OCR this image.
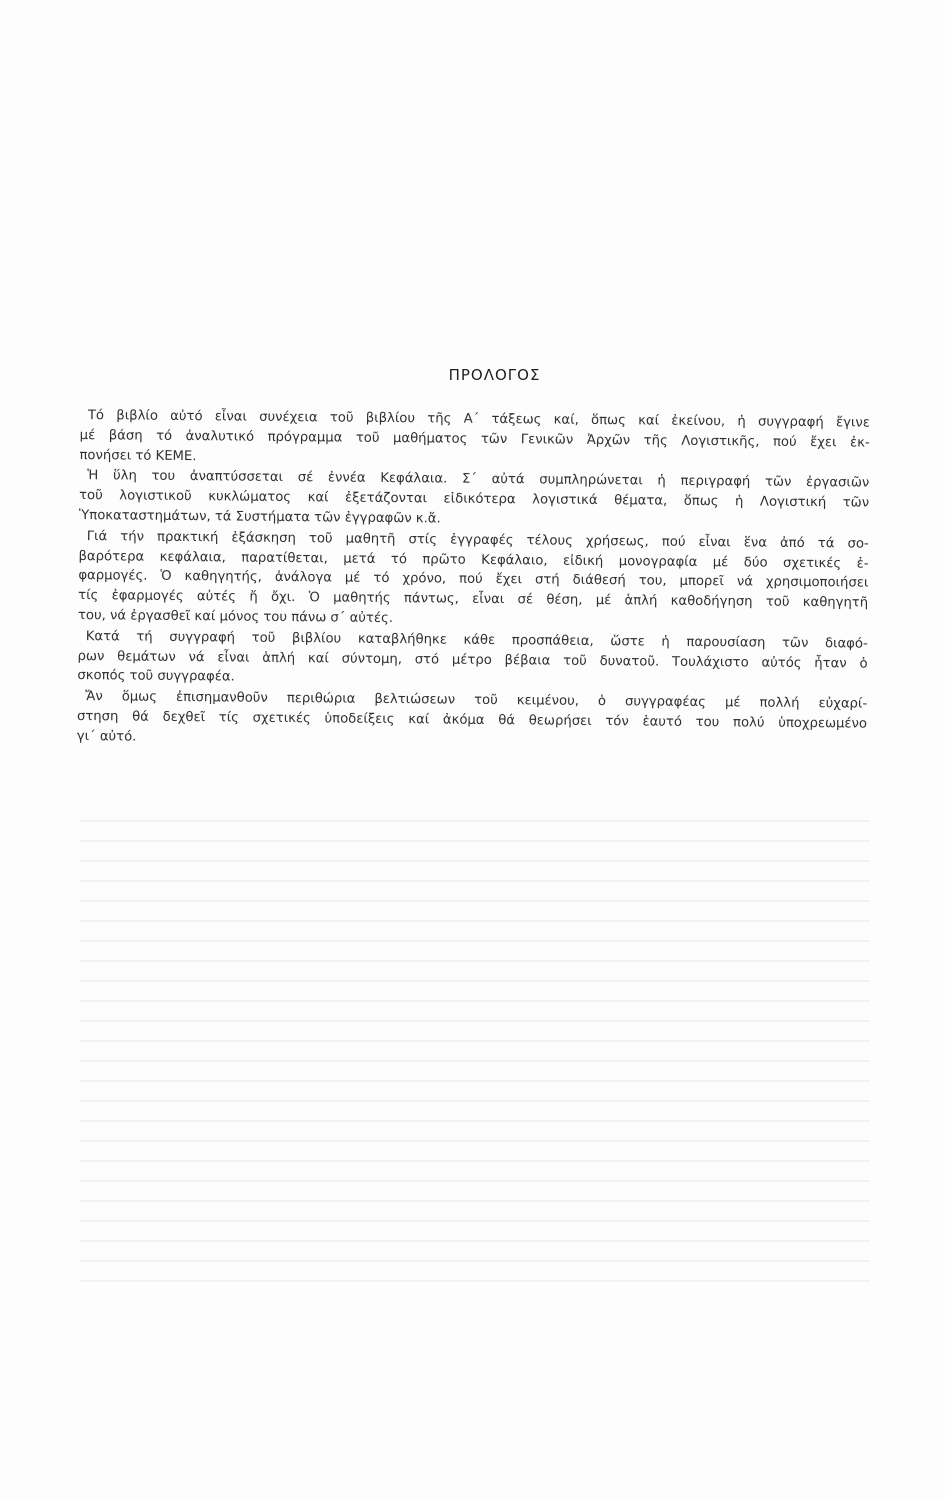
ΠΡΟΛΟΓΟΣ

Τό βιβλίο αὐτό εἶναι συνέχεια τοῦ βιβλίου τῆς Α΄ τάξεως καί, ὅπως καί ἐκείνου, ἡ συγγραφή ἔγινε
μέ βάση τό ἀναλυτικό πρόγραμμα τοῦ μαθήματος τῶν Γενικῶν Ἀρχῶν τῆς Λογιστικῆς, πού ἔχει ἐκ-
πονήσει τό ΚΕΜΕ.

Ἡ ὕλη του ἀναπτύσσεται σέ ἐννέα Κεφάλαια. Σ΄ αὐτά συμπληρώνεται ἡ περιγραφή τῶν ἐργασιῶν
τοῦ λογιστικοῦ κυκλώματος καί ἐξετάζονται εἰδικότερα λογιστικά θέματα, ὅπως ἡ Λογιστική τῶν
Ὑποκαταστημάτων, τά Συστήματα τῶν ἐγγραφῶν κ.ἄ.

Γιά τήν πρακτική ἐξάσκηση τοῦ μαθητῆ στίς ἐγγραφές τέλους χρήσεως, πού εἶναι ἕνα ἀπό τά σο-
βαρότερα κεφάλαια, παρατίθεται, μετά τό πρῶτο Κεφάλαιο, εἰδική μονογραφία μέ δύο σχετικές ἐ-
φαρμογές. Ὁ καθηγητής, ἀνάλογα μέ τό χρόνο, πού ἔχει στή διάθεσή του, μπορεῖ νά χρησιμοποιήσει
τίς ἐφαρμογές αὐτές ἤ ὄχι. Ὁ μαθητής πάντως, εἶναι σέ θέση, μέ ἁπλή καθοδήγηση τοῦ καθηγητῆ
του, νά ἐργασθεῖ καί μόνος του πάνω σ΄ αὐτές.

Κατά τή συγγραφή τοῦ βιβλίου καταβλήθηκε κάθε προσπάθεια, ὥστε ἡ παρουσίαση τῶν διαφό-
ρων θεμάτων νά εἶναι ἁπλή καί σύντομη, στό μέτρο βέβαια τοῦ δυνατοῦ. Τουλάχιστο αὐτός ἦταν ὁ
σκοπός τοῦ συγγραφέα.

Ἄν ὅμως ἐπισημανθοῦν περιθώρια βελτιώσεων τοῦ κειμένου, ὁ συγγραφέας μέ πολλή εὐχαρί-
στηση θά δεχθεῖ τίς σχετικές ὑποδείξεις καί ἀκόμα θά θεωρήσει τόν ἑαυτό του πολύ ὑποχρεωμένο
γι΄ αὐτό.
